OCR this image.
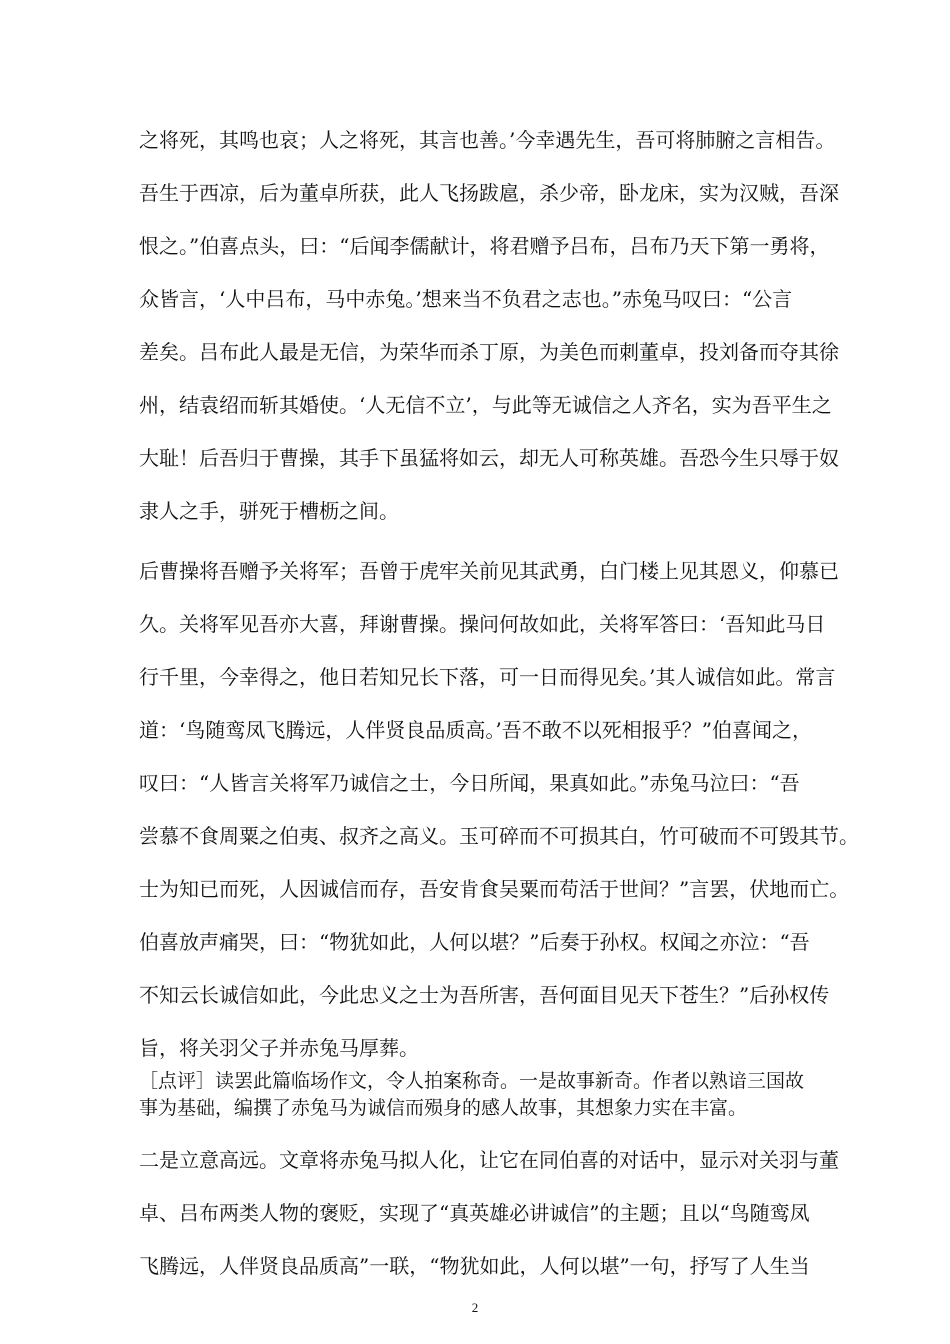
之将死，其鸣也哀；人之将死，其言也善。’今幸遇先生，吾可将肺腑之言相告。
吾生于西凉，后为董卓所获，此人飞扬跋扈，杀少帝，卧龙床，实为汉贼，吾深
恨之。”伯喜点头，曰：“后闻李儒献计，将君赠予吕布，吕布乃天下第一勇将，
众皆言，‘人中吕布，马中赤兔。’想来当不负君之志也。”赤兔马叹曰：“公言
差矣。吕布此人最是无信，为荣华而杀丁原，为美色而刺董卓，投刘备而夺其徐
州，结袁绍而斩其婚使。‘人无信不立’，与此等无诚信之人齐名，实为吾平生之
大耻！后吾归于曹操，其手下虽猛将如云，却无人可称英雄。吾恐今生只辱于奴
隶人之手，骈死于槽枥之间。
后曹操将吾赠予关将军；吾曾于虎牢关前见其武勇，白门楼上见其恩义，仰慕已
久。关将军见吾亦大喜，拜谢曹操。操问何故如此，关将军答曰：‘吾知此马日
行千里，今幸得之，他日若知兄长下落，可一日而得见矣。’其人诚信如此。常言
道：‘鸟随鸾凤飞腾远，人伴贤良品质高。’吾不敢不以死相报乎？”伯喜闻之，
叹曰：“人皆言关将军乃诚信之士，今日所闻，果真如此。”赤兔马泣曰：“吾
尝慕不食周粟之伯夷、叔齐之高义。玉可碎而不可损其白，竹可破而不可毁其节。
士为知已而死，人因诚信而存，吾安肯食吴粟而苟活于世间？”言罢，伏地而亡。
伯喜放声痛哭，曰：“物犹如此，人何以堪？”后奏于孙权。权闻之亦泣：“吾
不知云长诚信如此，今此忠义之士为吾所害，吾何面目见天下苍生？”后孙权传
旨，将关羽父子并赤兔马厚葬。
［点评］读罢此篇临场作文，令人拍案称奇。一是故事新奇。作者以熟谙三国故
事为基础，编撰了赤兔马为诚信而殒身的感人故事，其想象力实在丰富。
二是立意高远。文章将赤兔马拟人化，让它在同伯喜的对话中，显示对关羽与董
卓、吕布两类人物的褒贬，实现了“真英雄必讲诚信”的主题；且以“鸟随鸾凤
飞腾远，人伴贤良品质高”一联，“物犹如此，人何以堪”一句，抒写了人生当
2
